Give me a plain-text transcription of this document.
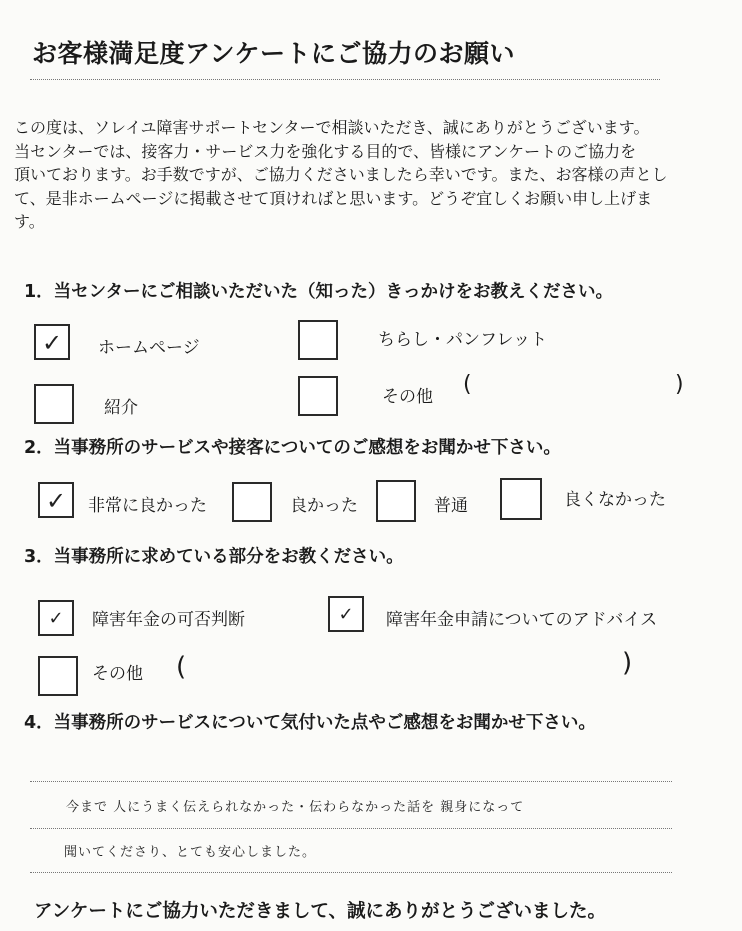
お客様満足度アンケートにご協力のお願い
この度は、ソレイユ障害サポートセンターで相談いただき、誠にありがとうございます。
当センターでは、接客力・サービス力を強化する目的で、皆様にアンケートのご協力を
頂いております。お手数ですが、ご協力くださいましたら幸いです。また、お客様の声とし
て、是非ホームページに掲載させて頂ければと思います。どうぞ宜しくお願い申し上げま
す。
1．当センターにご相談いただいた（知った）きっかけをお教えください。
✓	ホームページ	ちらし・パンフレット
紹介
その他 (	)
2．当事務所のサービスや接客についてのご感想をお聞かせ下さい。
✓	非常に良かった	良かった	普通	良くなかった
3．当事務所に求めている部分をお教ください。
✓	障害年金の可否判断	✓	障害年金申請についてのアドバイス
その他 (	)
4．当事務所のサービスについて気付いた点やご感想をお聞かせ下さい。
今まで 人にうまく伝えられなかった・伝わらなかった話を 親身になって
聞いてくださり、とても安心しました。
アンケートにご協力いただきまして、誠にありがとうございました。
